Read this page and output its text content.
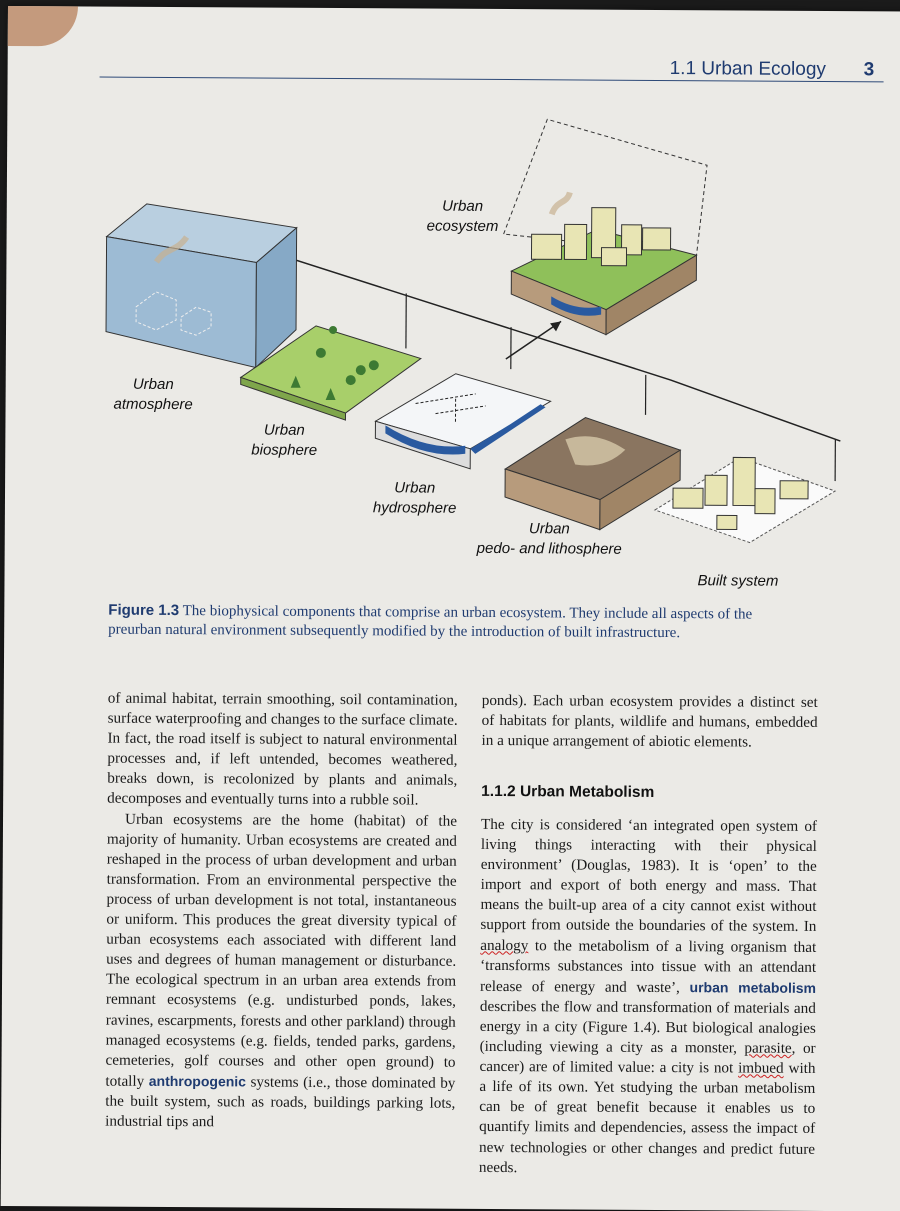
1.1 Urban Ecology 3
Urban
ecosystem
Urban
atmosphere
Urban
biosphere
Urban
hydrosphere
Urban
pedo- and lithosphere
Built system
Figure 1.3 The biophysical components that comprise an urban ecosystem. They include all aspects of the preurban natural environment subsequently modified by the introduction of built infrastructure.

of animal habitat, terrain smoothing, soil contamination, surface waterproofing and changes to the surface climate. In fact, the road itself is subject to natural environmental processes and, if left untended, becomes weathered, breaks down, is recolonized by plants and animals, decomposes and eventually turns into a rubble soil.

Urban ecosystems are the home (habitat) of the majority of humanity. Urban ecosystems are created and reshaped in the process of urban development and urban transformation. From an environmental perspective the process of urban development is not total, instantaneous or uniform. This produces the great diversity typical of urban ecosystems each associated with different land uses and degrees of human management or disturbance. The ecological spectrum in an urban area extends from remnant ecosystems (e.g. undisturbed ponds, lakes, ravines, escarpments, forests and other parkland) through managed ecosystems (e.g. fields, tended parks, gardens, cemeteries, golf courses and other open ground) to totally anthropogenic systems (i.e., those dominated by the built system, such as roads, buildings parking lots, industrial tips and

ponds). Each urban ecosystem provides a distinct set of habitats for plants, wildlife and humans, embedded in a unique arrangement of abiotic elements.

1.1.2 Urban Metabolism

The city is considered ‘an integrated open system of living things interacting with their physical environment’ (Douglas, 1983). It is ‘open’ to the import and export of both energy and mass. That means the built-up area of a city cannot exist without support from outside the boundaries of the system. In analogy to the metabolism of a living organism that ‘transforms substances into tissue with an attendant release of energy and waste’, urban metabolism describes the flow and transformation of materials and energy in a city (Figure 1.4). But biological analogies (including viewing a city as a monster, parasite, or cancer) are of limited value: a city is not imbued with a life of its own. Yet studying the urban metabolism can be of great benefit because it enables us to quantify limits and dependencies, assess the impact of new technologies or other changes and predict future needs.
